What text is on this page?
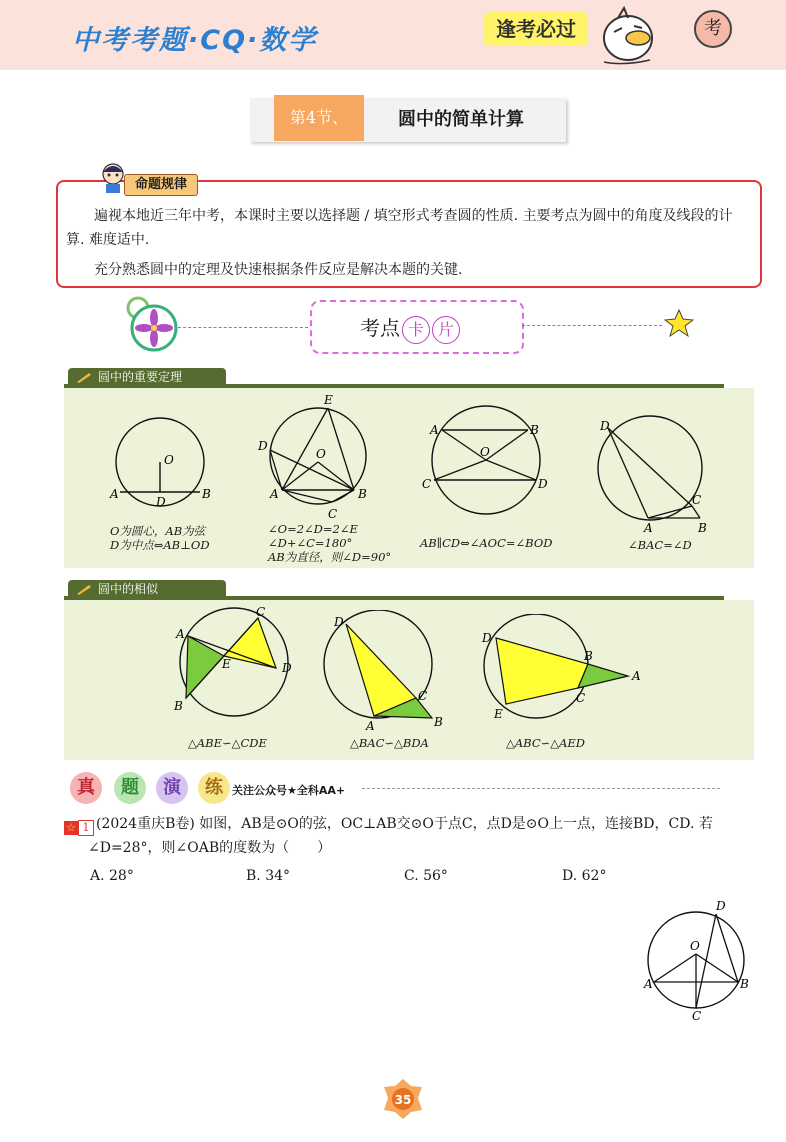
中考考题·CQ·数学	逢考必过	考
第4节、	圆中的简单计算
命题规律
遍视本地近三年中考，本课时主要以选择题 / 填空形式考查圆的性质. 主要考点为圆中的角度及线段的计算. 难度适中.
充分熟悉圆中的定理及快速根据条件反应是解决本题的关键.
考点 卡 片
圆中的重要定理
O
A
D
B
O为圆心，AB为弦
D为中点⇔AB⊥OD
E
D
O
A	B
C
∠O=2∠D=2∠E
∠D+∠C=180°
AB为直径，则∠D=90°
A	B
O
C	D
AB∥CD⇔∠AOC=∠BOD
D
C
A	B
∠BAC=∠D
圆中的相似
A
C
E	D
B
△ABE∽△CDE
D
C
A	B
△BAC∽△BDA
D
B
A
C
E
△ABC∽△AED
真	题	演	练 关注公众号★全科AA+
☆ 1 (2024重庆B卷) 如图，AB是⊙O的弦，OC⊥AB交⊙O于点C，点D是⊙O上一点，连接BD，CD. 若
∠D=28°，则∠OAB的度数为（　　）
A. 28°	B. 34°	C. 56°	D. 62°
D
O
A	B
C
35
